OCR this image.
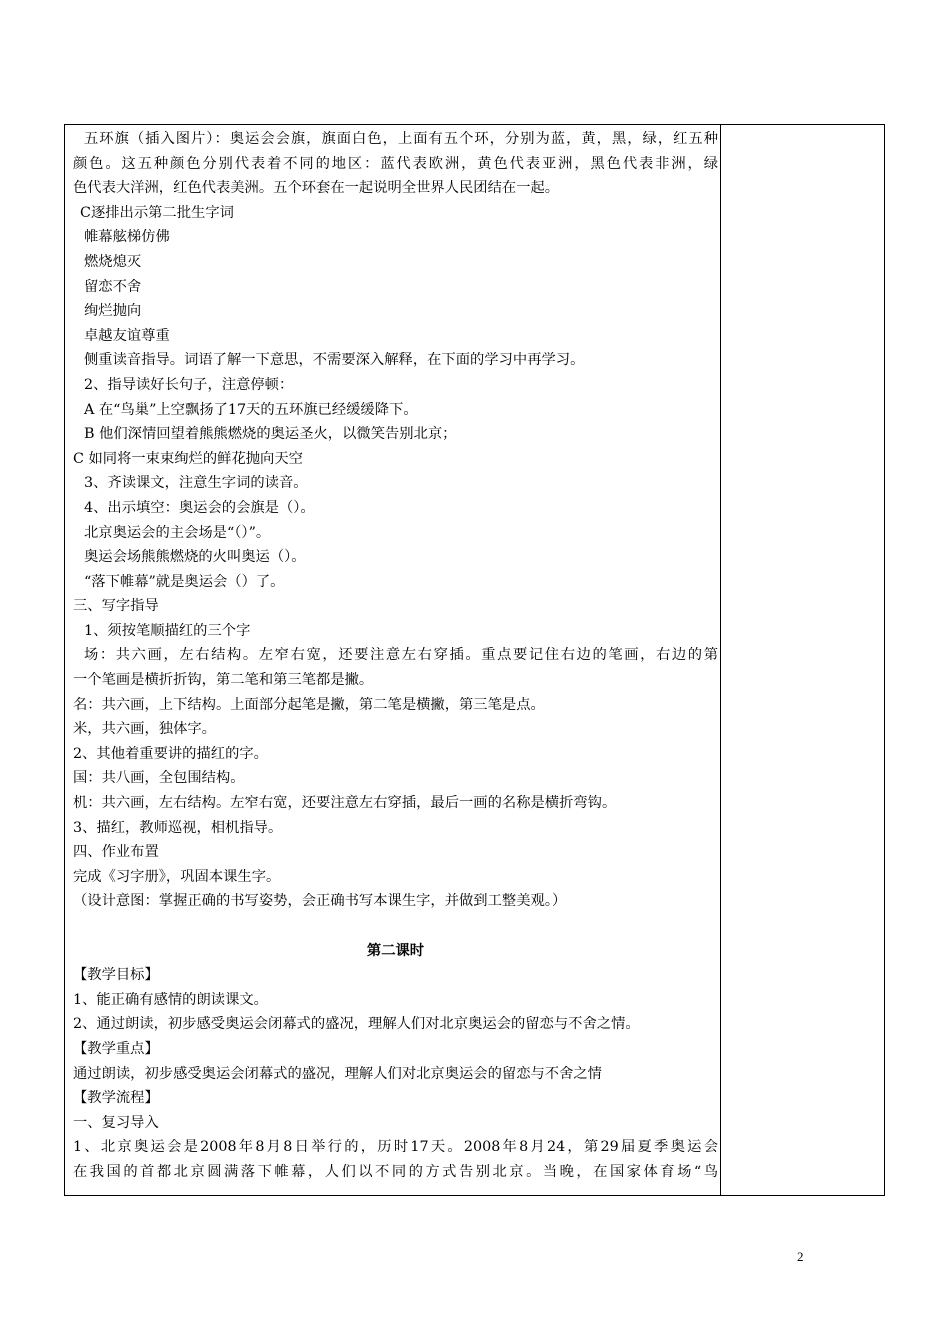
五环旗（插入图片）：奥运会会旗，旗面白色，上面有五个环，分别为蓝，黄，黑，绿，红五种
颜色。这五种颜色分别代表着不同的地区：蓝代表欧洲，黄色代表亚洲，黑色代表非洲，绿
色代表大洋洲，红色代表美洲。五个环套在一起说明全世界人民团结在一起。
C逐排出示第二批生字词
帷幕舷梯仿佛
燃烧熄灭
留恋不舍
绚烂抛向
卓越友谊尊重
侧重读音指导。词语了解一下意思，不需要深入解释，在下面的学习中再学习。
2、指导读好长句子，注意停顿：
A 在“鸟巢”上空飘扬了17天的五环旗已经缓缓降下。
B 他们深情回望着熊熊燃烧的奥运圣火，以微笑告别北京；
C 如同将一束束绚烂的鲜花抛向天空
3、齐读课文，注意生字词的读音。
4、出示填空：奥运会的会旗是（）。
北京奥运会的主会场是“（）”。
奥运会场熊熊燃烧的火叫奥运（）。
“落下帷幕”就是奥运会（）了。
三、写字指导
1、须按笔顺描红的三个字
场：共六画，左右结构。左窄右宽，还要注意左右穿插。重点要记住右边的笔画，右边的第
一个笔画是横折折钩，第二笔和第三笔都是撇。
名：共六画，上下结构。上面部分起笔是撇，第二笔是横撇，第三笔是点。
米，共六画，独体字。
2、其他着重要讲的描红的字。
国：共八画，全包围结构。
机：共六画，左右结构。左窄右宽，还要注意左右穿插，最后一画的名称是横折弯钩。
3、描红，教师巡视，相机指导。
四、作业布置
完成《习字册》，巩固本课生字。
（设计意图：掌握正确的书写姿势，会正确书写本课生字，并做到工整美观。）
第二课时
【教学目标】
1、能正确有感情的朗读课文。
2、通过朗读，初步感受奥运会闭幕式的盛况，理解人们对北京奥运会的留恋与不舍之情。
【教学重点】
通过朗读，初步感受奥运会闭幕式的盛况，理解人们对北京奥运会的留恋与不舍之情
【教学流程】
一、复习导入
1、北京奥运会是2008年8月8日举行的，历时17天。2008年8月24，第29届夏季奥运会
在我国的首都北京圆满落下帷幕，人们以不同的方式告别北京。当晚，在国家体育场“鸟
2
